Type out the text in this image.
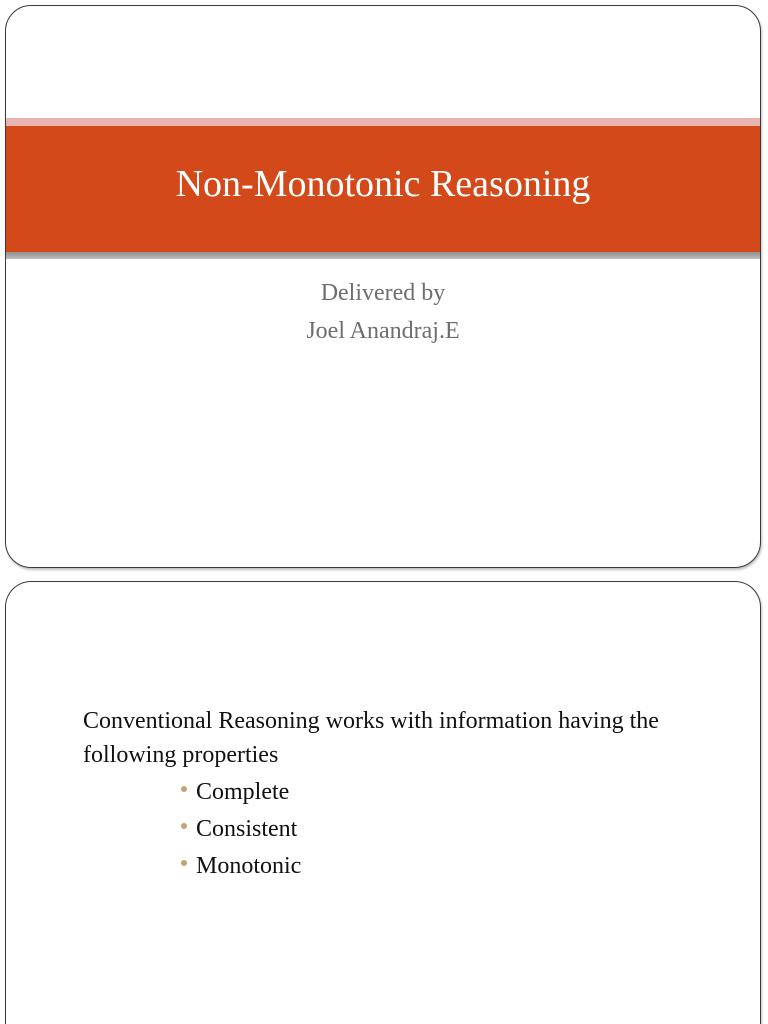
Non-Monotonic Reasoning
Delivered by
Joel Anandraj.E
Conventional Reasoning works with information having the following properties
Complete
Consistent
Monotonic
